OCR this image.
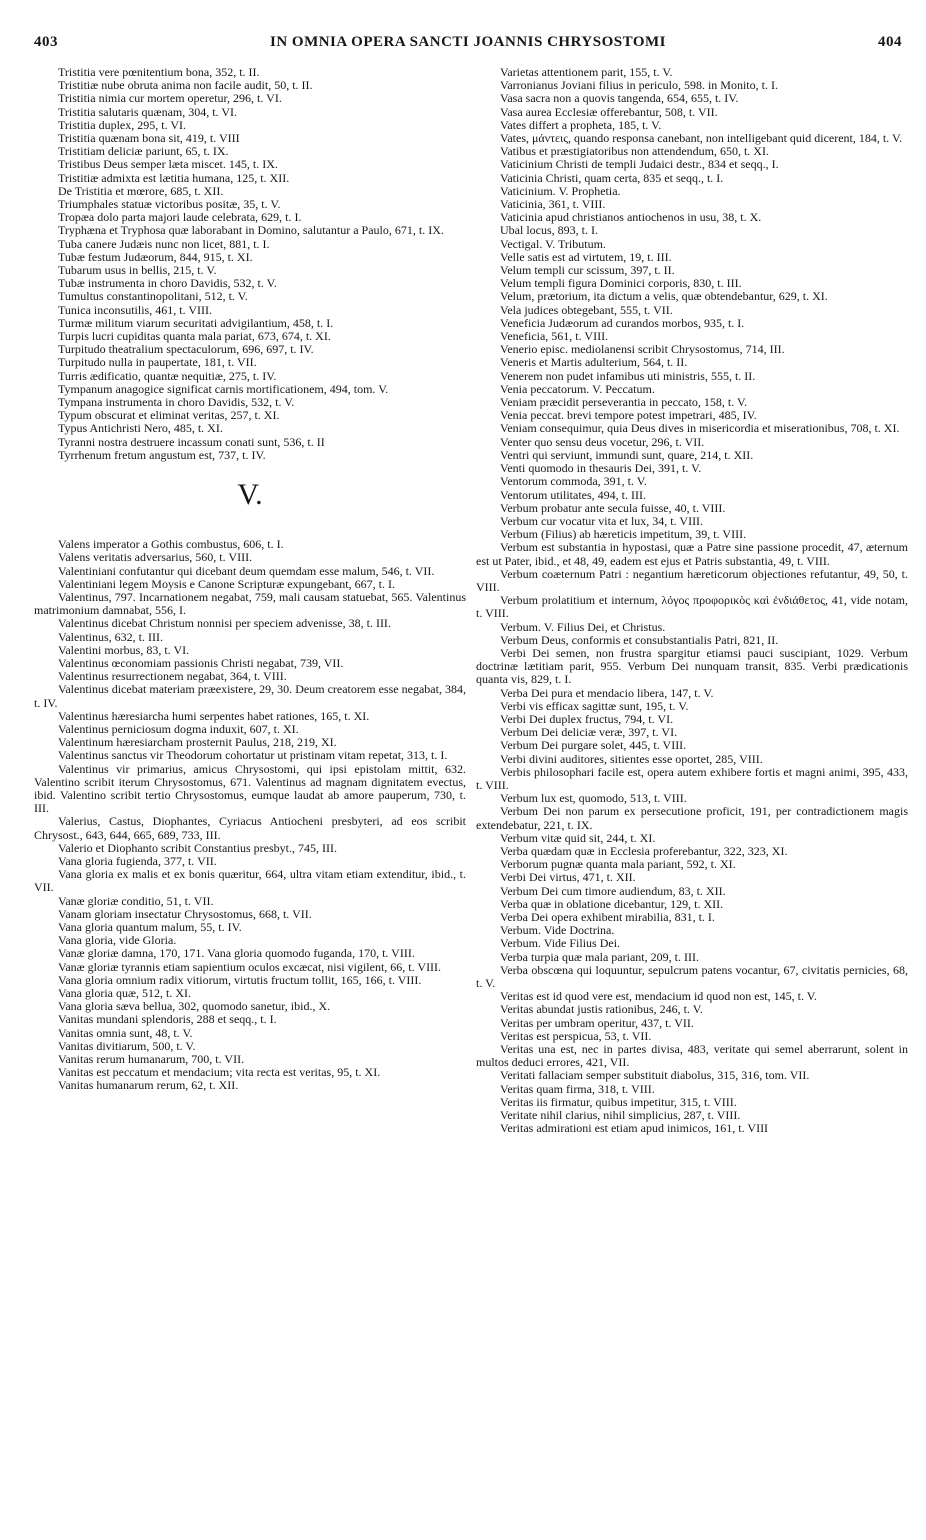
403	IN OMNIA OPERA SANCTI JOANNIS CHRYSOSTOMI	404

Tristitia vere pœnitentium bona, 352, t. II.

Tristitiæ nube obruta anima non facile audit, 50, t. II.

Tristitia nimia cur mortem operetur, 296, t. VI.

Tristitia salutaris quænam, 304, t. VI.

Tristitia duplex, 295, t. VI.

Tristitia quænam bona sit, 419, t. VIII

Tristitiam deliciæ pariunt, 65, t. IX.

Tristibus Deus semper læta miscet. 145, t. IX.

Tristitiæ admixta est lætitia humana, 125, t. XII.

De Tristitia et mœrore, 685, t. XII.

Triumphales statuæ victoribus positæ, 35, t. V.

Tropæa dolo parta majori laude celebrata, 629, t. I.

Tryphæna et Tryphosa quæ laborabant in Domino, salutantur a Paulo, 671, t. IX.

Tuba canere Judæis nunc non licet, 881, t. I.

Tubæ festum Judæorum, 844, 915, t. XI.

Tubarum usus in bellis, 215, t. V.

Tubæ instrumenta in choro Davidis, 532, t. V.

Tumultus constantinopolitani, 512, t. V.

Tunica inconsutilis, 461, t. VIII.

Turmæ militum viarum securitati advigilantium, 458, t. I.

Turpis lucri cupiditas quanta mala pariat, 673, 674, t. XI.

Turpitudo theatralium spectaculorum, 696, 697, t. IV.

Turpitudo nulla in paupertate, 181, t. VII.

Turris ædificatio, quantæ nequitiæ, 275, t. IV.

Tympanum anagogice significat carnis mortificationem, 494, tom. V.

Tympana instrumenta in choro Davidis, 532, t. V.

Typum obscurat et eliminat veritas, 257, t. XI.

Typus Antichristi Nero, 485, t. XI.

Tyranni nostra destruere incassum conati sunt, 536, t. II

Tyrrhenum fretum angustum est, 737, t. IV.

V.

Valens imperator a Gothis combustus, 606, t. I.

Valens veritatis adversarius, 560, t. VIII.

Valentiniani confutantur qui dicebant deum quemdam esse malum, 546, t. VII.

Valentiniani legem Moysis e Canone Scripturæ expungebant, 667, t. I.

Valentinus, 797. Incarnationem negabat, 759, mali causam statuebat, 565. Valentinus matrimonium damnabat, 556, I.

Valentinus dicebat Christum nonnisi per speciem advenisse, 38, t. III.

Valentinus, 632, t. III.

Valentini morbus, 83, t. VI.

Valentinus œconomiam passionis Christi negabat, 739, VII.

Valentinus resurrectionem negabat, 364, t. VIII.

Valentinus dicebat materiam præexistere, 29, 30. Deum creatorem esse negabat, 384, t. IV.

Valentinus hæresiarcha humi serpentes habet rationes, 165, t. XI.

Valentinus perniciosum dogma induxit, 607, t. XI.

Valentinum hæresiarcham prosternit Paulus, 218, 219, XI.

Valentinus sanctus vir Theodorum cohortatur ut pristinam vitam repetat, 313, t. I.

Valentinus vir primarius, amicus Chrysostomi, qui ipsi epistolam mittit, 632. Valentino scribit iterum Chrysostomus, 671. Valentinus ad magnam dignitatem evectus, ibid. Valentino scribit tertio Chrysostomus, eumque laudat ab amore pauperum, 730, t. III.

Valerius, Castus, Diophantes, Cyriacus Antiocheni presbyteri, ad eos scribit Chrysost., 643, 644, 665, 689, 733, III.

Valerio et Diophanto scribit Constantius presbyt., 745, III.

Vana gloria fugienda, 377, t. VII.

Vana gloria ex malis et ex bonis quæritur, 664, ultra vitam etiam extenditur, ibid., t. VII.

Vanæ gloriæ conditio, 51, t. VII.

Vanam gloriam insectatur Chrysostomus, 668, t. VII.

Vana gloria quantum malum, 55, t. IV.

Vana gloria, vide Gloria.

Vanæ gloriæ damna, 170, 171. Vana gloria quomodo fuganda, 170, t. VIII.

Vanæ gloriæ tyrannis etiam sapientium oculos excæcat, nisi vigilent, 66, t. VIII.

Vana gloria omnium radix vitiorum, virtutis fructum tollit, 165, 166, t. VIII.

Vana gloria quæ, 512, t. XI.

Vana gloria sæva bellua, 302, quomodo sanetur, ibid., X.

Vanitas mundani splendoris, 288 et seqq., t. I.

Vanitas omnia sunt, 48, t. V.

Vanitas divitiarum, 500, t. V.

Vanitas rerum humanarum, 700, t. VII.

Vanitas est peccatum et mendacium; vita recta est veritas, 95, t. XI.

Vanitas humanarum rerum, 62, t. XII.

Varietas attentionem parit, 155, t. V.

Varronianus Joviani filius in periculo, 598. in Monito, t. I.

Vasa sacra non a quovis tangenda, 654, 655, t. IV.

Vasa aurea Ecclesiæ offerebantur, 508, t. VII.

Vates differt a propheta, 185, t. V.

Vates, μάντεις, quando responsa canebant, non intelligebant quid dicerent, 184, t. V.

Vatibus et præstigiatoribus non attendendum, 650, t. XI.

Vaticinium Christi de templi Judaici destr., 834 et seqq., I.

Vaticinia Christi, quam certa, 835 et seqq., t. I.

Vaticinium. V. Prophetia.

Vaticinia, 361, t. VIII.

Vaticinia apud christianos antiochenos in usu, 38, t. X.

Ubal locus, 893, t. I.

Vectigal. V. Tributum.

Velle satis est ad virtutem, 19, t. III.

Velum templi cur scissum, 397, t. II.

Velum templi figura Dominici corporis, 830, t. III.

Velum, prætorium, ita dictum a velis, quæ obtendebantur, 629, t. XI.

Vela judices obtegebant, 555, t. VII.

Veneficia Judæorum ad curandos morbos, 935, t. I.

Veneficia, 561, t. VIII.

Venerio episc. mediolanensi scribit Chrysostomus, 714, III.

Veneris et Martis adulterium, 564, t. II.

Venerem non pudet infamibus uti ministris, 555, t. II.

Venia peccatorum. V. Peccatum.

Veniam præcidit perseverantia in peccato, 158, t. V.

Venia peccat. brevi tempore potest impetrari, 485, IV.

Veniam consequimur, quia Deus dives in misericordia et miserationibus, 708, t. XI.

Venter quo sensu deus vocetur, 296, t. VII.

Ventri qui serviunt, immundi sunt, quare, 214, t. XII.

Venti quomodo in thesauris Dei, 391, t. V.

Ventorum commoda, 391, t. V.

Ventorum utilitates, 494, t. III.

Verbum probatur ante secula fuisse, 40, t. VIII.

Verbum cur vocatur vita et lux, 34, t. VIII.

Verbum (Filius) ab hæreticis impetitum, 39, t. VIII.

Verbum est substantia in hypostasi, quæ a Patre sine passione procedit, 47, æternum est ut Pater, ibid., et 48, 49, eadem est ejus et Patris substantia, 49, t. VIII.

Verbum coæternum Patri : negantium hæreticorum objectiones refutantur, 49, 50, t. VIII.

Verbum prolatitium et internum, λόγος προφορικὸς καὶ ἐνδιάθετος, 41, vide notam, t. VIII.

Verbum. V. Filius Dei, et Christus.

Verbum Deus, conformis et consubstantialis Patri, 821, II.

Verbi Dei semen, non frustra spargitur etiamsi pauci suscipiant, 1029. Verbum doctrinæ lætitiam parit, 955. Verbum Dei nunquam transit, 835. Verbi prædicationis quanta vis, 829, t. I.

Verba Dei pura et mendacio libera, 147, t. V.

Verbi vis efficax sagittæ sunt, 195, t. V.

Verbi Dei duplex fructus, 794, t. VI.

Verbum Dei deliciæ veræ, 397, t. VI.

Verbum Dei purgare solet, 445, t. VIII.

Verbi divini auditores, sitientes esse oportet, 285, VIII.

Verbis philosophari facile est, opera autem exhibere fortis et magni animi, 395, 433, t. VIII.

Verbum lux est, quomodo, 513, t. VIII.

Verbum Dei non parum ex persecutione proficit, 191, per contradictionem magis extendebatur, 221, t. IX.

Verbum vitæ quid sit, 244, t. XI.

Verba quædam quæ in Ecclesia proferebantur, 322, 323, XI.

Verborum pugnæ quanta mala pariant, 592, t. XI.

Verbi Dei virtus, 471, t. XII.

Verbum Dei cum timore audiendum, 83, t. XII.

Verba quæ in oblatione dicebantur, 129, t. XII.

Verba Dei opera exhibent mirabilia, 831, t. I.

Verbum. Vide Doctrina.

Verbum. Vide Filius Dei.

Verba turpia quæ mala pariant, 209, t. III.

Verba obscœna qui loquuntur, sepulcrum patens vocantur, 67, civitatis pernicies, 68, t. V.

Veritas est id quod vere est, mendacium id quod non est, 145, t. V.

Veritas abundat justis rationibus, 246, t. V.

Veritas per umbram operitur, 437, t. VII.

Veritas est perspicua, 53, t. VII.

Veritas una est, nec in partes divisa, 483, veritate qui semel aberrarunt, solent in multos deduci errores, 421, VII.

Veritati fallaciam semper substituit diabolus, 315, 316, tom. VII.

Veritas quam firma, 318, t. VIII.

Veritas iis firmatur, quibus impetitur, 315, t. VIII.

Veritate nihil clarius, nihil simplicius, 287, t. VIII.

Veritas admirationi est etiam apud inimicos, 161, t. VIII
